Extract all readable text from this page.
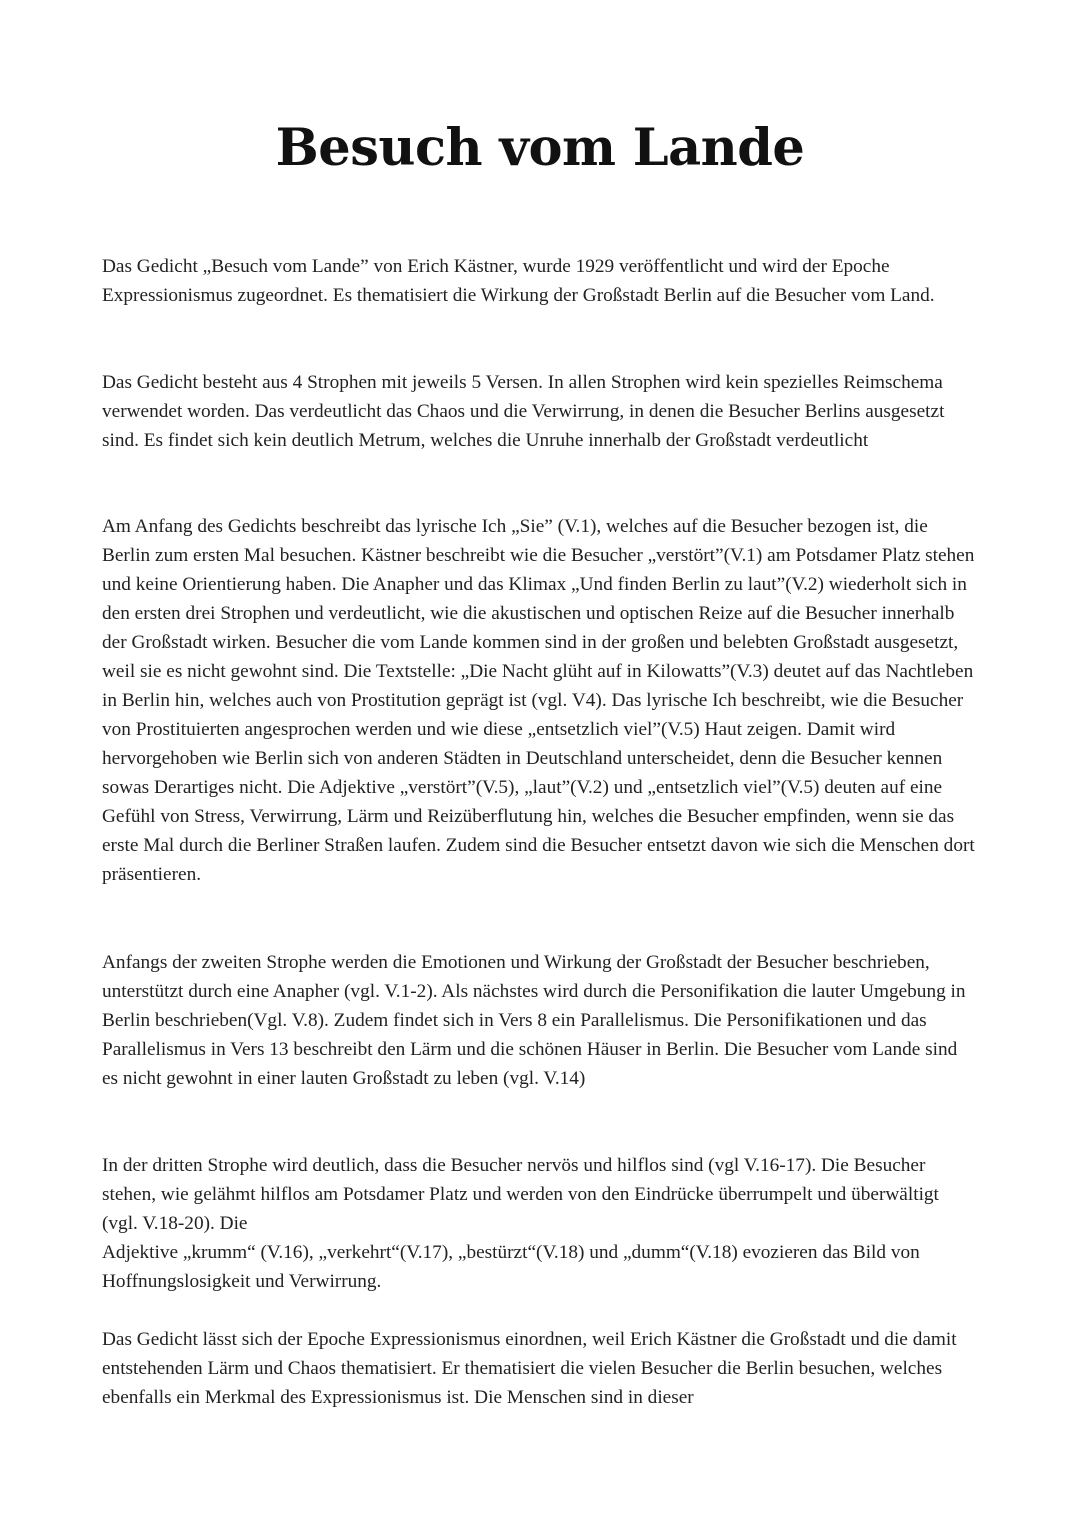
Besuch vom Lande

Das Gedicht „Besuch vom Lande” von Erich Kästner, wurde 1929 veröffentlicht und wird der Epoche Expressionismus zugeordnet. Es thematisiert die Wirkung der Großstadt Berlin auf die Besucher vom Land.

Das Gedicht besteht aus 4 Strophen mit jeweils 5 Versen. In allen Strophen wird kein spezielles Reimschema verwendet worden. Das verdeutlicht das Chaos und die Verwirrung, in denen die Besucher Berlins ausgesetzt sind. Es findet sich kein deutlich Metrum, welches die Unruhe innerhalb der Großstadt verdeutlicht

Am Anfang des Gedichts beschreibt das lyrische Ich „Sie” (V.1), welches auf die Besucher bezogen ist, die Berlin zum ersten Mal besuchen. Kästner beschreibt wie die Besucher „verstört”(V.1) am Potsdamer Platz stehen und keine Orientierung haben. Die Anapher und das Klimax „Und finden Berlin zu laut”(V.2) wiederholt sich in den ersten drei Strophen und verdeutlicht, wie die akustischen und optischen Reize auf die Besucher innerhalb der Großstadt wirken. Besucher die vom Lande kommen sind in der großen und belebten Großstadt ausgesetzt, weil sie es nicht gewohnt sind. Die Textstelle: „Die Nacht glüht auf in Kilowatts”(V.3) deutet auf das Nachtleben in Berlin hin, welches auch von Prostitution geprägt ist (vgl. V4). Das lyrische Ich beschreibt, wie die Besucher von Prostituierten angesprochen werden und wie diese „entsetzlich viel”(V.5) Haut zeigen. Damit wird hervorgehoben wie Berlin sich von anderen Städten in Deutschland unterscheidet, denn die Besucher kennen sowas Derartiges nicht. Die Adjektive „verstört”(V.5), „laut”(V.2) und „entsetzlich viel”(V.5) deuten auf eine Gefühl von Stress, Verwirrung, Lärm und Reizüberflutung hin, welches die Besucher empfinden, wenn sie das erste Mal durch die Berliner Straßen laufen. Zudem sind die Besucher entsetzt davon wie sich die Menschen dort präsentieren.

Anfangs der zweiten Strophe werden die Emotionen und Wirkung der Großstadt der Besucher beschrieben, unterstützt durch eine Anapher (vgl. V.1-2). Als nächstes wird durch die Personifikation die lauter Umgebung in Berlin beschrieben(Vgl. V.8). Zudem findet sich in Vers 8 ein Parallelismus. Die Personifikationen und das Parallelismus in Vers 13 beschreibt den Lärm und die schönen Häuser in Berlin. Die Besucher vom Lande sind es nicht gewohnt in einer lauten Großstadt zu leben (vgl. V.14)

In der dritten Strophe wird deutlich, dass die Besucher nervös und hilflos sind (vgl V.16-17). Die Besucher stehen, wie gelähmt hilflos am Potsdamer Platz und werden von den Eindrücke überrumpelt und überwältigt (vgl. V.18-20). Die
Adjektive „krumm“ (V.16), „verkehrt“(V.17), „bestürzt“(V.18) und „dumm“(V.18) evozieren das Bild von Hoffnungslosigkeit und Verwirrung.

Das Gedicht lässt sich der Epoche Expressionismus einordnen, weil Erich Kästner die Großstadt und die damit entstehenden Lärm und Chaos thematisiert. Er thematisiert die vielen Besucher die Berlin besuchen, welches ebenfalls ein Merkmal des Expressionismus ist. Die Menschen sind in dieser
